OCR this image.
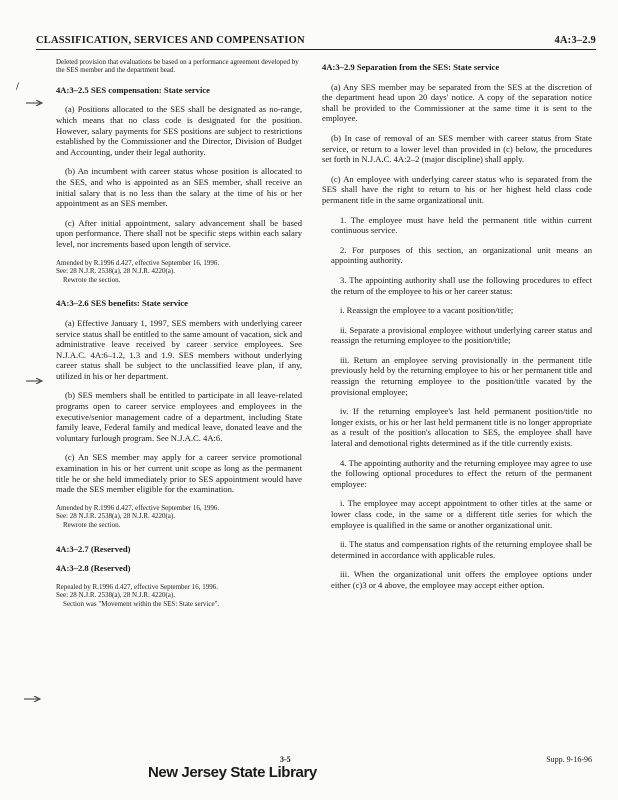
CLASSIFICATION, SERVICES AND COMPENSATION	4A:3–2.9
/

Deleted provision that evaluations be based on a performance agreement developed by the SES member and the department head.

4A:3–2.5 SES compensation: State service

(a) Positions allocated to the SES shall be designated as no-range, which means that no class code is designated for the position. However, salary payments for SES positions are subject to restrictions established by the Commissioner and the Director, Division of Budget and Accounting, under their legal authority.

(b) An incumbent with career status whose position is allocated to the SES, and who is appointed as an SES member, shall receive an initial salary that is no less than the salary at the time of his or her appointment as an SES member.

(c) After initial appointment, salary advancement shall be based upon performance. There shall not be specific steps within each salary level, nor increments based upon length of service.

Amended by R.1996 d.427, effective September 16, 1996.
See: 28 N.J.R. 2538(a), 28 N.J.R. 4220(a).
Rewrote the section.
4A:3–2.6 SES benefits: State service

(a) Effective January 1, 1997, SES members with underlying career service status shall be entitled to the same amount of vacation, sick and administrative leave received by career service employees. See N.J.A.C. 4A:6–1.2, 1.3 and 1.9. SES members without underlying career status shall be subject to the unclassified leave plan, if any, utilized in his or her department.

(b) SES members shall be entitled to participate in all leave-related programs open to career service employees and employees in the executive/senior management cadre of a department, including State family leave, Federal family and medical leave, donated leave and the voluntary furlough program. See N.J.A.C. 4A:6.

(c) An SES member may apply for a career service promotional examination in his or her current unit scope as long as the permanent title he or she held immediately prior to SES appointment would have made the SES member eligible for the examination.

Amended by R.1996 d.427, effective September 16, 1996.
See: 28 N.J.R. 2538(a), 28 N.J.R. 4220(a).
Rewrote the section.
4A:3–2.7 (Reserved)
4A:3–2.8 (Reserved)
Repealed by R.1996 d.427, effective September 16, 1996.
See: 28 N.J.R. 2538(a), 28 N.J.R. 4220(a).
Section was "Movement within the SES: State service".
4A:3–2.9 Separation from the SES: State service

(a) Any SES member may be separated from the SES at the discretion of the department head upon 20 days' notice. A copy of the separation notice shall be provided to the Commissioner at the same time it is sent to the employee.

(b) In case of removal of an SES member with career status from State service, or return to a lower level than provided in (c) below, the procedures set forth in N.J.A.C. 4A:2–2 (major discipline) shall apply.

(c) An employee with underlying career status who is separated from the SES shall have the right to return to his or her highest held class code permanent title in the same organizational unit.

1. The employee must have held the permanent title within current continuous service.

2. For purposes of this section, an organizational unit means an appointing authority.

3. The appointing authority shall use the following procedures to effect the return of the employee to his or her career status:

i. Reassign the employee to a vacant position/title;

ii. Separate a provisional employee without underlying career status and reassign the returning employee to the position/title;

iii. Return an employee serving provisionally in the permanent title previously held by the returning employee to his or her permanent title and reassign the returning employee to the position/title vacated by the provisional employee;

iv. If the returning employee's last held permanent position/title no longer exists, or his or her last held permanent title is no longer appropriate as a result of the position's allocation to SES, the employee shall have lateral and demotional rights determined as if the title currently exists.

4. The appointing authority and the returning employee may agree to use the following optional procedures to effect the return of the permanent employee:

i. The employee may accept appointment to other titles at the same or lower class code, in the same or a different title series for which the employee is qualified in the same or another organizational unit.

ii. The status and compensation rights of the returning employee shall be determined in accordance with applicable rules.

iii. When the organizational unit offers the employee options under either (c)3 or 4 above, the employee may accept either option.

3-5	Supp. 9-16-96
New Jersey State Library
